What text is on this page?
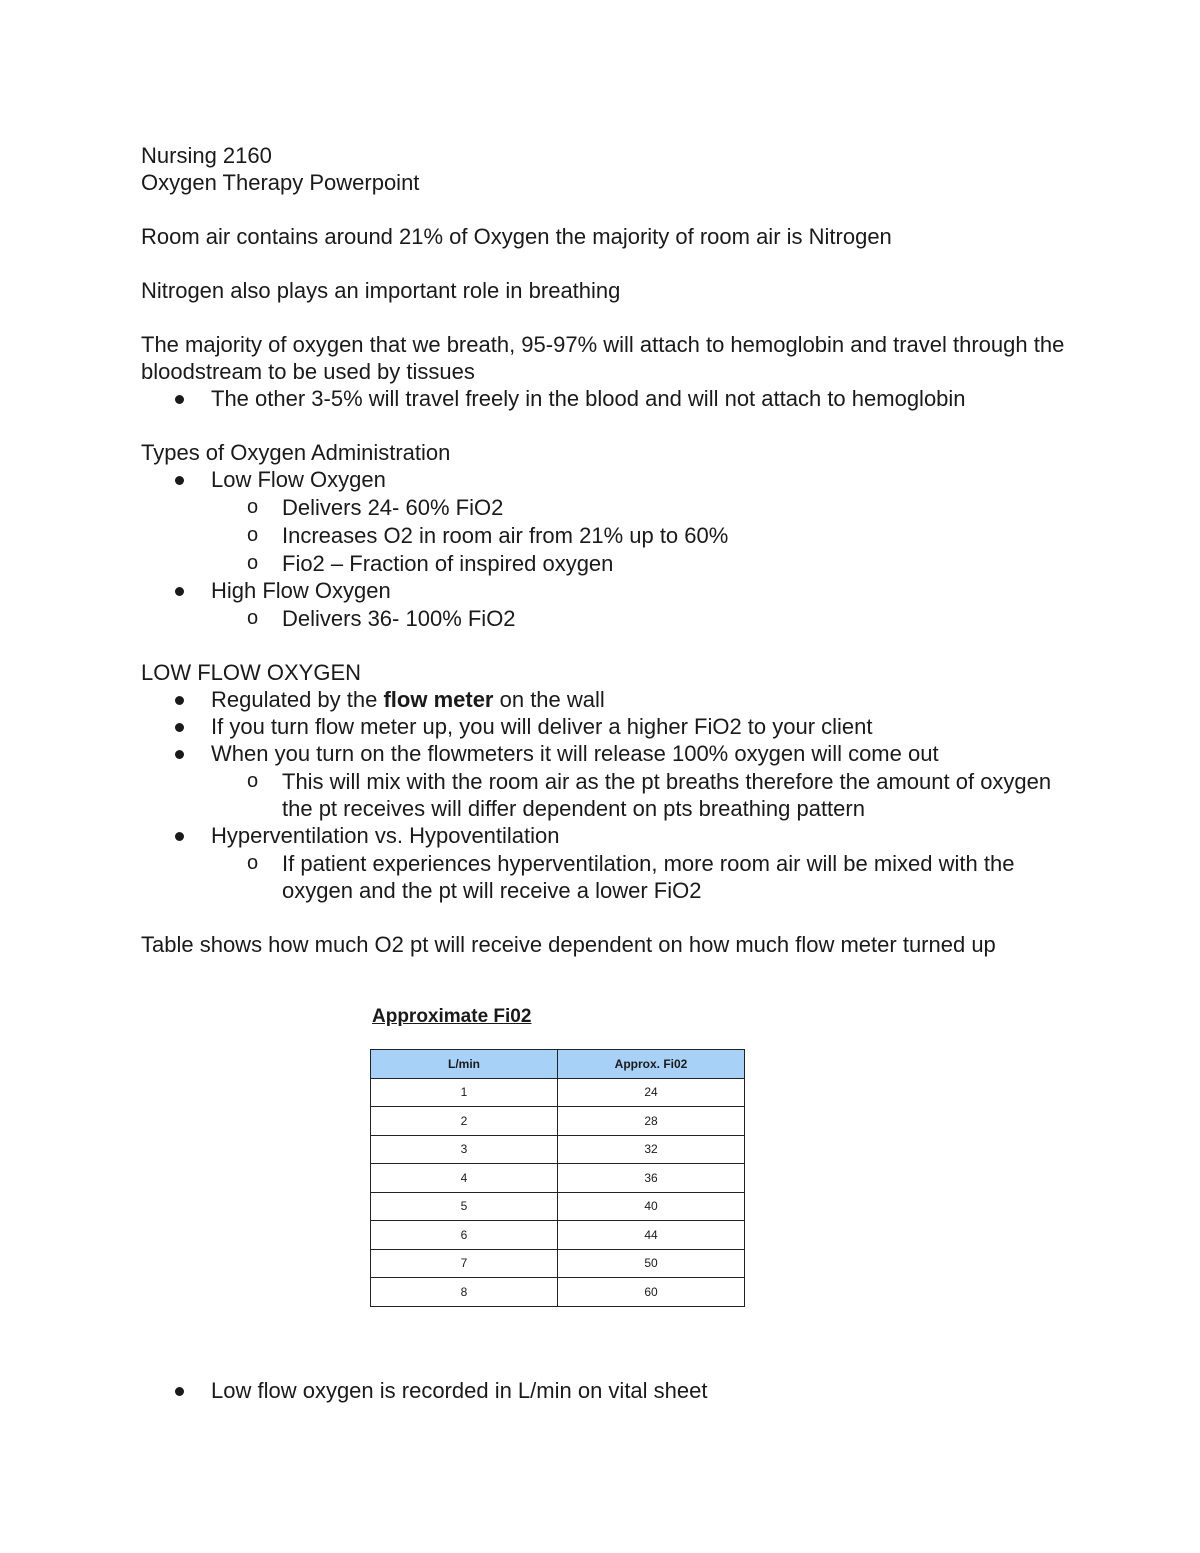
Nursing 2160

Oxygen Therapy Powerpoint

Room air contains around 21% of Oxygen the majority of room air is Nitrogen

Nitrogen also plays an important role in breathing

The majority of oxygen that we breath, 95-97% will attach to hemoglobin and travel through the bloodstream to be used by tissues

The other 3-5% will travel freely in the blood and will not attach to hemoglobin

Types of Oxygen Administration

Low Flow Oxygen
o Delivers 24- 60% FiO2
o Increases O2 in room air from 21% up to 60%
o Fio2 – Fraction of inspired oxygen
High Flow Oxygen
o Delivers 36- 100% FiO2

LOW FLOW OXYGEN

Regulated by the flow meter on the wall
If you turn flow meter up, you will deliver a higher FiO2 to your client
When you turn on the flowmeters it will release 100% oxygen will come out
o This will mix with the room air as the pt breaths therefore the amount of oxygen the pt receives will differ dependent on pts breathing pattern
Hyperventilation vs. Hypoventilation
o If patient experiences hyperventilation, more room air will be mixed with the oxygen and the pt will receive a lower FiO2

Table shows how much O2 pt will receive dependent on how much flow meter turned up

Approximate Fi02

L/min	Approx. Fi02
1	24
2	28
3	32
4	36
5	40
6	44
7	50
8	60
Low flow oxygen is recorded in L/min on vital sheet
